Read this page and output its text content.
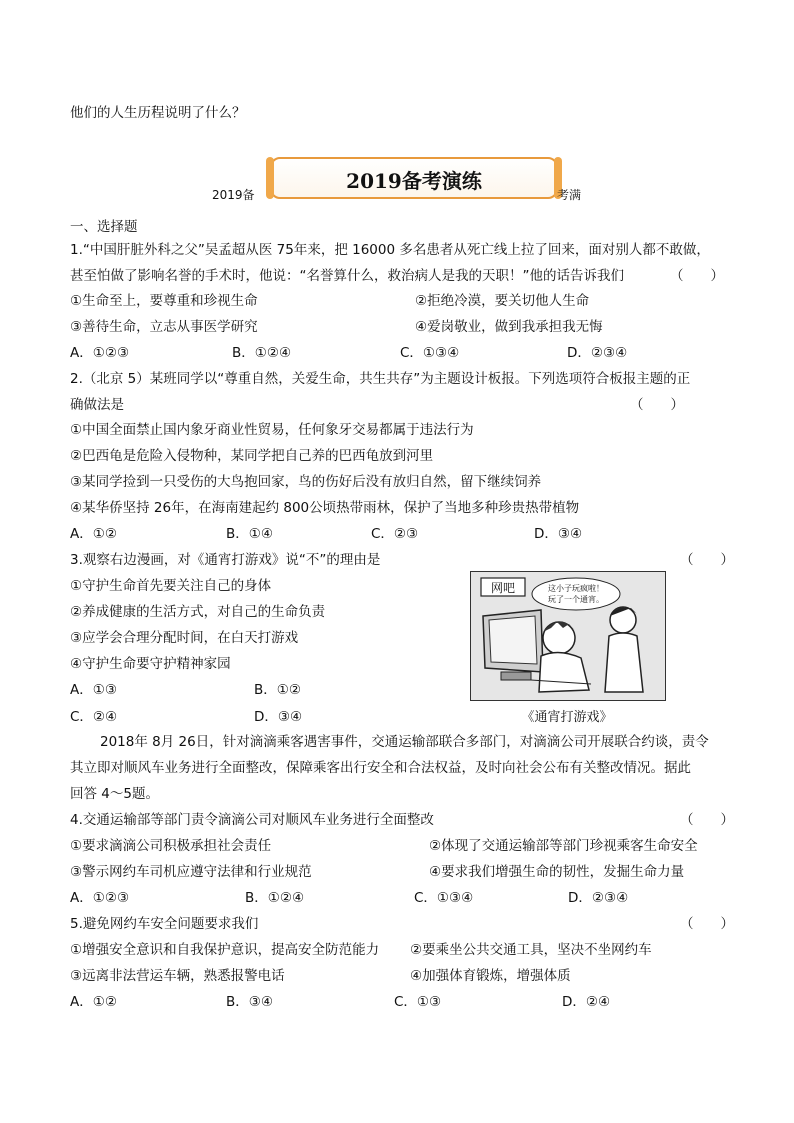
他们的人生历程说明了什么？
2019备
2019备考演练
考满
一、选择题
1.“中国肝脏外科之父”吴孟超从医 75年来，把 16000 多名患者从死亡线上拉了回来，面对别人都不敢做，
甚至怕做了影响名誉的手术时，他说：“名誉算什么，救治病人是我的天职！”他的话告诉我们	（　　）
①生命至上，要尊重和珍视生命	②拒绝冷漠，要关切他人生命
③善待生命，立志从事医学研究	④爱岗敬业，做到我承担我无悔
A．①②③	B．①②④	C．①③④	D．②③④
2.（北京 5）某班同学以“尊重自然，关爱生命，共生共存”为主题设计板报。下列选项符合板报主题的正
确做法是	（　　）
①中国全面禁止国内象牙商业性贸易，任何象牙交易都属于违法行为
②巴西龟是危险入侵物种，某同学把自己养的巴西龟放到河里
③某同学捡到一只受伤的大鸟抱回家，鸟的伤好后没有放归自然，留下继续饲养
④某华侨坚持 26年，在海南建起约 800公顷热带雨林，保护了当地多种珍贵热带植物
A．①②	B．①④	C．②③	D．③④
3.观察右边漫画，对《通宵打游戏》说“不”的理由是	（　　）
①守护生命首先要关注自己的身体
②养成健康的生活方式，对自己的生命负责
③应学会合理分配时间，在白天打游戏
④守护生命要守护精神家园
A．①③	B．①②
C．②④	D．③④
网吧	这小子玩疯啦！
玩了一个通宵。
《通宵打游戏》
2018年 8月 26日，针对滴滴乘客遇害事件，交通运输部联合多部门，对滴滴公司开展联合约谈，责令
其立即对顺风车业务进行全面整改，保障乘客出行安全和合法权益，及时向社会公布有关整改情况。据此
回答 4～5题。
4.交通运输部等部门责令滴滴公司对顺风车业务进行全面整改	（　　）
①要求滴滴公司积极承担社会责任	②体现了交通运输部等部门珍视乘客生命安全
③警示网约车司机应遵守法律和行业规范	④要求我们增强生命的韧性，发掘生命力量
A．①②③	B．①②④	C．①③④	D．②③④
5.避免网约车安全问题要求我们	（　　）
①增强安全意识和自我保护意识，提高安全防范能力 ②要乘坐公共交通工具，坚决不坐网约车
③远离非法营运车辆，熟悉报警电话	④加强体育锻炼，增强体质
A．①②	B．③④	C．①③	D．②④
